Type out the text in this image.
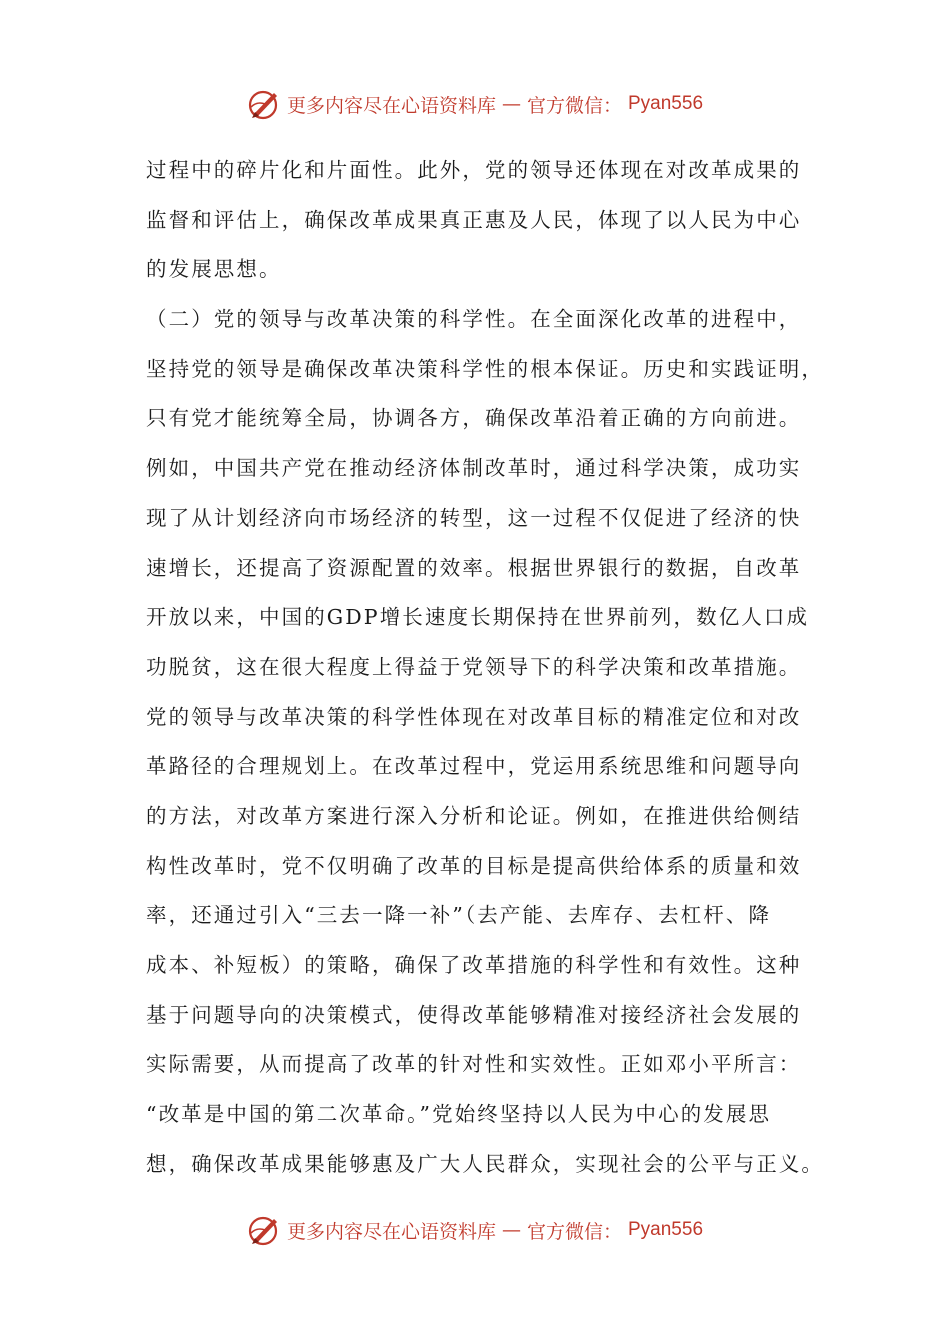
更多内容尽在心语资料库 — 官方微信： Pyan556
过程中的碎片化和片面性。此外，党的领导还体现在对改革成果的
监督和评估上，确保改革成果真正惠及人民，体现了以人民为中心
的发展思想。
（二）党的领导与改革决策的科学性。在全面深化改革的进程中，
坚持党的领导是确保改革决策科学性的根本保证。历史和实践证明，
只有党才能统筹全局，协调各方，确保改革沿着正确的方向前进。
例如，中国共产党在推动经济体制改革时，通过科学决策，成功实
现了从计划经济向市场经济的转型，这一过程不仅促进了经济的快
速增长，还提高了资源配置的效率。根据世界银行的数据，自改革
开放以来，中国的GDP增长速度长期保持在世界前列，数亿人口成
功脱贫，这在很大程度上得益于党领导下的科学决策和改革措施。
党的领导与改革决策的科学性体现在对改革目标的精准定位和对改
革路径的合理规划上。在改革过程中，党运用系统思维和问题导向
的方法，对改革方案进行深入分析和论证。例如，在推进供给侧结
构性改革时，党不仅明确了改革的目标是提高供给体系的质量和效
率，还通过引入“三去一降一补”（去产能、去库存、去杠杆、降
成本、补短板）的策略，确保了改革措施的科学性和有效性。这种
基于问题导向的决策模式，使得改革能够精准对接经济社会发展的
实际需要，从而提高了改革的针对性和实效性。正如邓小平所言：
“改革是中国的第二次革命。”党始终坚持以人民为中心的发展思
想，确保改革成果能够惠及广大人民群众，实现社会的公平与正义。
更多内容尽在心语资料库 — 官方微信： Pyan556
